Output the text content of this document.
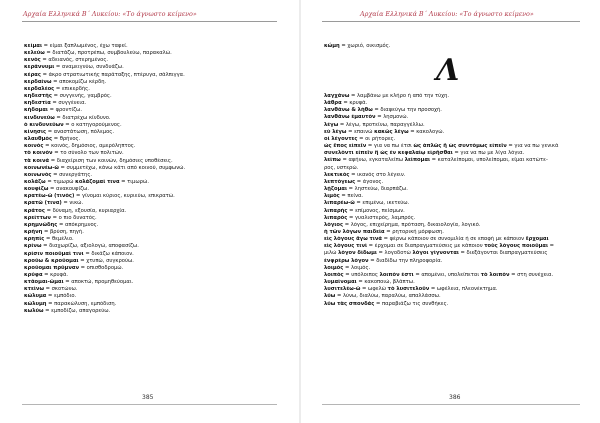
Αρχαία Ελληνικά Β΄ Λυκείου: «Το άγνωστο κείμενο»
κείμαι = είμαι ξαπλωμένος, έχω ταφεί.
κελεύω = διατάζω, προτρέπω, συμβουλεύω, παρακαλώ.
κενός = αδειανός, στερημένος.
κεράννυμι = αναμειγνύω, συνδυάζω.
κέρας = άκρο στρατιωτικής παράταξης, πτέρυγα, σάλπιγγα.
κερδαίνω = αποκομίζω κέρδη.
κερδαλέος = επικερδής.
κηδεστής = συγγενής, γαμβρός.
κηδεστία = συγγένεια.
κήδομαι = φροντίζω.
κινδυνεύω = διατρέχω κίνδυνο.
ὁ κινδυνεύων = ο κατηγορούμενος.
κίνησις = αναστάτωση, πόλεμος.
κλαυθμός = θρήνος.
κοινός = κοινός, δημόσιος, αμερόληπτος.
τὸ κοινόν = το σύνολο των πολιτών.
τὰ κοινά = διαχείριση των κοινών, δημόσιες υποθέσεις.
κοινωνέω-ῶ = συμμετέχω, κάνω κάτι από κοινού, συμφωνώ.
κοινωνός = συνεργάτης.
κολάζω = τιμωρώ κολάζομαί τινα = τιμωρώ.
κουφίζω = ανακουφίζω.
κρατέω-ῶ (τινός) = γίνομαι κύριος, κυριεύω, επικρατώ.
κρατῶ (τινα) = νικώ.
κράτος = δύναμη, εξουσία, κυριαρχία.
κρείττων = ο πιο δυνατός.
κρημνώδης = απόκρημνος.
κρήνη = βρύση, πηγή.
κρηπίς = θεμέλιο.
κρίνω = διαχωρίζω, αξιολογώ, αποφασίζω.
κρίσιν ποιοῦμαί τινι = δικάζω κάποιον.
κρούω & κρούομαι = χτυπώ, συγκρούω.
κρούομαι πρύμναν = οπισθοδρομώ.
κρύφα = κρυφά.
κτάομαι-ῶμαι = αποκτώ, προμηθεύομαι.
κτείνω = σκοτώνω.
κώλυμα = εμπόδιο.
κώλυμη = παρακώλυση, εμπόδιση.
κωλύω = εμποδίζω, απαγορεύω.
385
Αρχαία Ελληνικά Β΄ Λυκείου: «Το άγνωστο κείμενο»
κώμη = χωριό, οικισμός.
Λ
λαγχάνω = λαμβάνω με κλήρο ή από την τύχη.
λάθρα = κρυφά.
λανθάνω & λήθω = διαφεύγω την προσοχή.
λανθάνω ἐμαυτόν = λησμονώ.
λέγω = λέγω, προτείνω, παραγγέλλω.
εὖ λέγω = επαινώ κακῶς λέγω = κακολογώ.
οἱ λέγοντες = οι ρήτορες.
ὡς ἔπος εἰπεῖν = για να πω έτσι ὡς ἁπλῶς ἢ ὡς συντόμως εἰπεῖν = για να πω γενικά
συνελόντι εἰπεῖν ἢ ὡς ἐν κεφαλαίῳ εἰρῆσθαι = για να πω με λίγα λόγια.
λείπω = αφήνω, εγκαταλείπω λείπομαι = καταλείπομαι, υπολείπομαι, είμαι κατώτε-
ρος, υστερώ.
λεκτικός = ικανός στο λέγειν.
λεπτόγεως = άγονος.
λῄζομαι = ληστεύω, διαρπάζω.
λιμός = πείνα.
λιπαρέω-ῶ = επιμένω, ικετεύω.
λιπαρής = επίμονος, πείσμων.
λιπαρός = γυαλιστερός, λαμπρός.
λόγιος = λόγος, επιχείρημα, πρόταση, δικαιολογία, λογικό.
ἡ τῶν λόγων παιδεία = ρητορική μόρφωση.
εἰς λόγους ἄγω τινά = φέρνω κάποιον σε συνομιλία ή σε επαφή με κάποιον ἔρχομαι
εἰς λόγους τινί = έρχομαι σε διαπραγματεύσεις με κάποιον τοὺς λόγους ποιοῦμαι =
μιλώ λόγον δίδωμι = λογοδοτώ λόγοι γίγνονται = διεξάγονται διαπραγματεύσεις
ἐνφρέρω λόγον = διαδίδω την πληροφορία.
λοιμός = λοιμός.
λοιπός = υπόλοιπος λοιπόν ἐστι = απομένει, υπολείπεται τὸ λοιπόν = στη συνέχεια.
λυμαίνομαι = κακοποιώ, βλάπτω.
λυσιτελέω-ῶ = ωφελώ τὸ λυσιτελοῦν = ωφέλεια, πλεονέκτημα.
λύω = λύνω, διαλύω, παραλύω, απαλλάσσω.
λύω τὰς σπονδάς = παραβιάζω τις συνθήκες.
386
